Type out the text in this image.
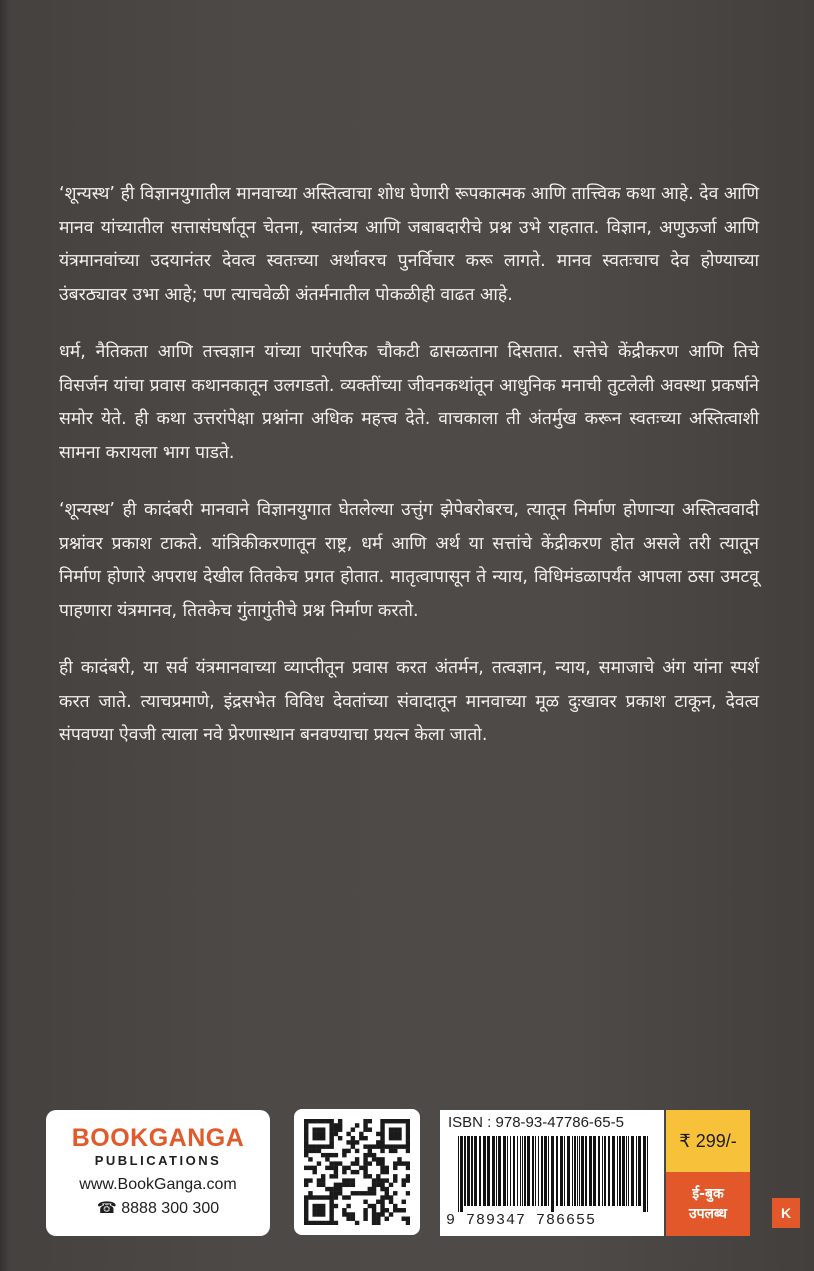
‘शून्यस्थ’ ही विज्ञानयुगातील मानवाच्या अस्तित्वाचा शोध घेणारी रूपकात्मक आणि तात्त्विक कथा आहे. देव आणि मानव यांच्यातील सत्तासंघर्षातून चेतना, स्वातंत्र्य आणि जबाबदारीचे प्रश्न उभे राहतात. विज्ञान, अणुऊर्जा आणि यंत्रमानवांच्या उदयानंतर देवत्व स्वतःच्या अर्थावरच पुनर्विचार करू लागते. मानव स्वतःचाच देव होण्याच्या उंबरठ्यावर उभा आहे; पण त्याचवेळी अंतर्मनातील पोकळीही वाढत आहे.

धर्म, नैतिकता आणि तत्त्वज्ञान यांच्या पारंपरिक चौकटी ढासळताना दिसतात. सत्तेचे केंद्रीकरण आणि तिचे विसर्जन यांचा प्रवास कथानकातून उलगडतो. व्यक्तींच्या जीवनकथांतून आधुनिक मनाची तुटलेली अवस्था प्रकर्षाने समोर येते. ही कथा उत्तरांपेक्षा प्रश्नांना अधिक महत्त्व देते. वाचकाला ती अंतर्मुख करून स्वतःच्या अस्तित्वाशी सामना करायला भाग पाडते.

‘शून्यस्थ’ ही कादंबरी मानवाने विज्ञानयुगात घेतलेल्या उत्तुंग झेपेबरोबरच, त्यातून निर्माण होणाऱ्या अस्तित्ववादी प्रश्नांवर प्रकाश टाकते. यांत्रिकीकरणातून राष्ट्र, धर्म आणि अर्थ या सत्तांचे केंद्रीकरण होत असले तरी त्यातून निर्माण होणारे अपराध देखील तितकेच प्रगत होतात. मातृत्वापासून ते न्याय, विधिमंडळापर्यंत आपला ठसा उमटवू पाहणारा यंत्रमानव, तितकेच गुंतागुंतीचे प्रश्न निर्माण करतो.

ही कादंबरी, या सर्व यंत्रमानवाच्या व्याप्तीतून प्रवास करत अंतर्मन, तत्वज्ञान, न्याय, समाजाचे अंग यांना स्पर्श करत जाते. त्याचप्रमाणे, इंद्रसभेत विविध देवतांच्या संवादातून मानवाच्या मूळ दुःखावर प्रकाश टाकून, देवत्व संपवण्या ऐवजी त्याला नवे प्रेरणास्थान बनवण्याचा प्रयत्न केला जातो.

BOOKGANGA
PUBLICATIONS
www.BookGanga.com
☎ 8888 300 300
ISBN : 978-93-47786-65-5
9 789347 786655
₹ 299/-
ई-बुक
उपलब्ध	K
